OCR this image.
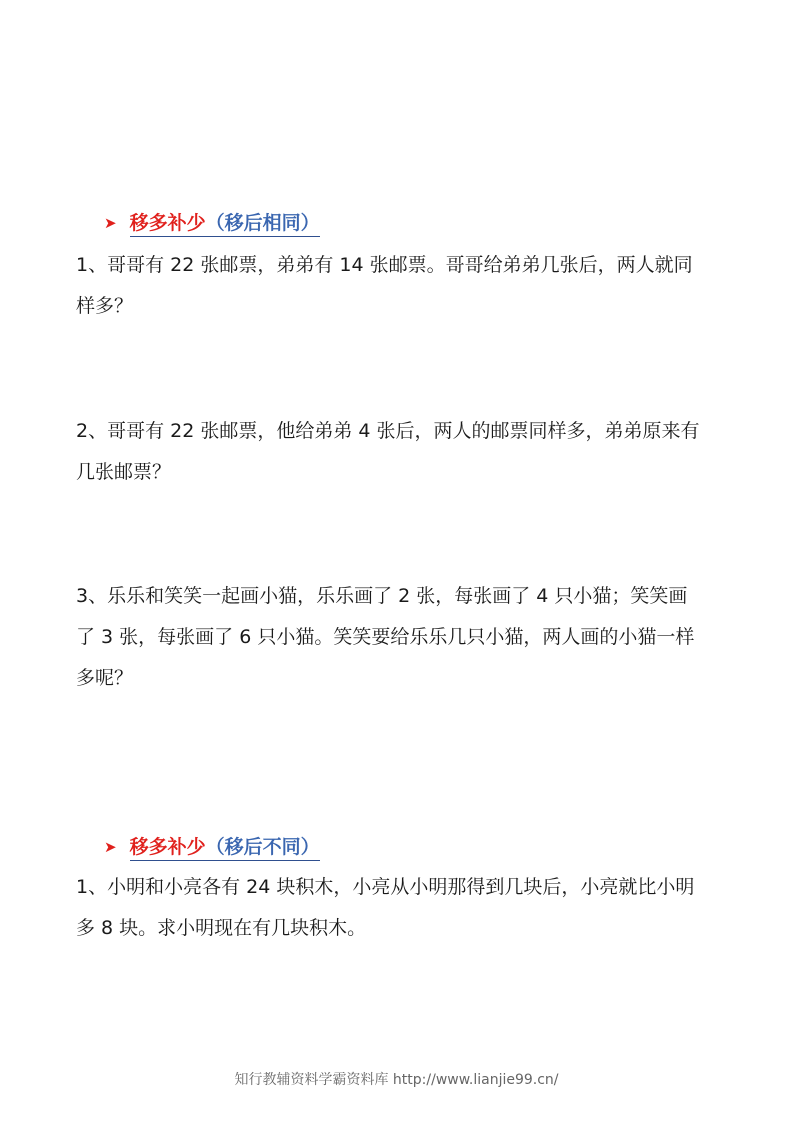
➤ 移多补少（移后相同）

1、哥哥有 22 张邮票，弟弟有 14 张邮票。哥哥给弟弟几张后，两人就同
样多？

2、哥哥有 22 张邮票，他给弟弟 4 张后，两人的邮票同样多，弟弟原来有
几张邮票？

3、乐乐和笑笑一起画小猫，乐乐画了 2 张，每张画了 4 只小猫；笑笑画
了 3 张，每张画了 6 只小猫。笑笑要给乐乐几只小猫，两人画的小猫一样
多呢？

➤ 移多补少（移后不同）

1、小明和小亮各有 24 块积木，小亮从小明那得到几块后，小亮就比小明
多 8 块。求小明现在有几块积木。

知行教辅资料学霸资料库 http://www.lianjie99.cn/
